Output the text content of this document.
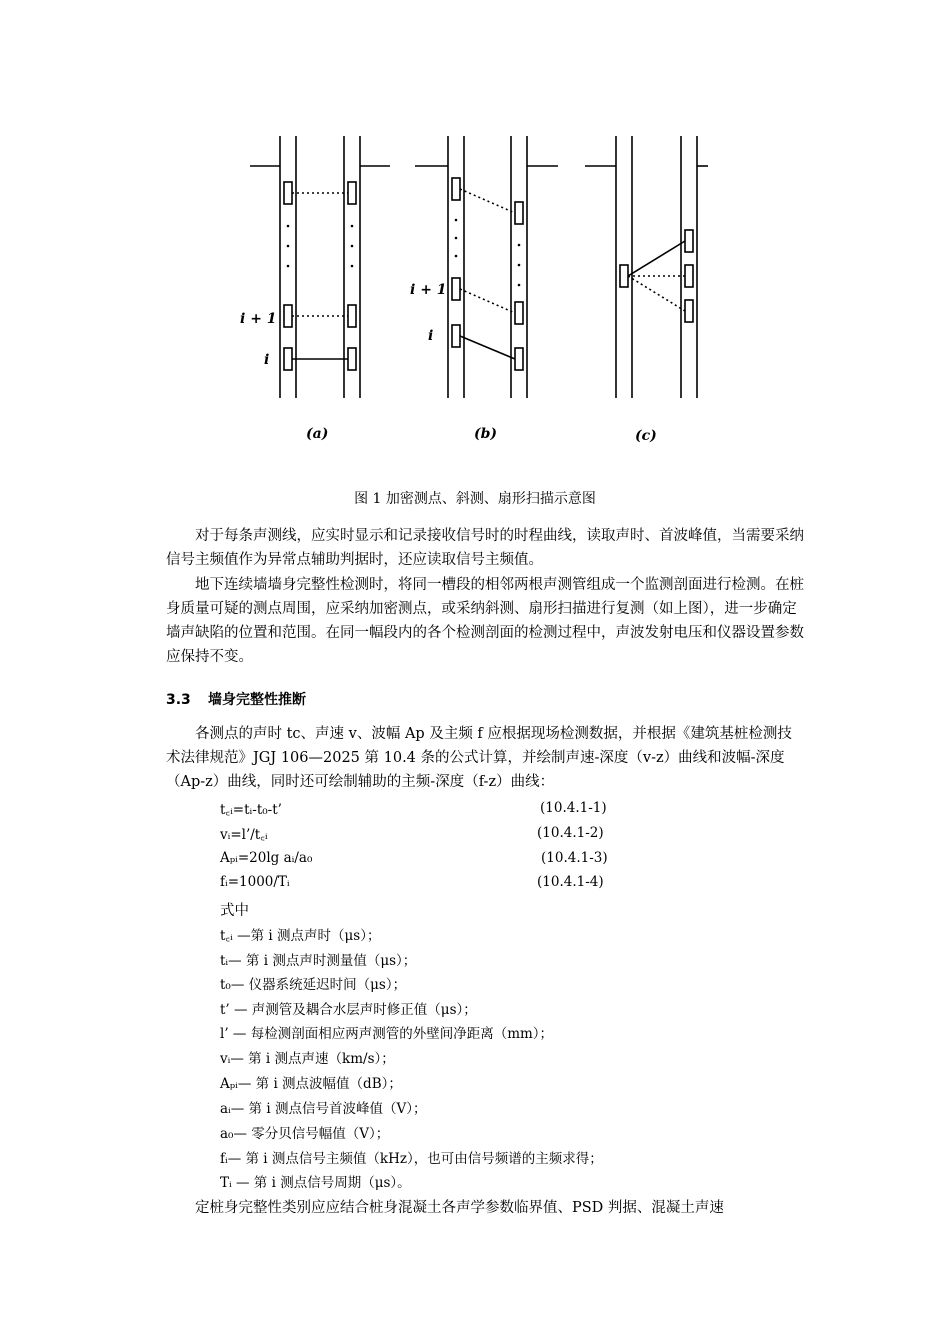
i + 1
i
i + 1
i
(a)	(b)	(c)
图 1 加密测点、斜测、扇形扫描示意图

对于每条声测线，应实时显示和记录接收信号时的时程曲线，读取声时、首波峰值，当需要采纳信号主频值作为异常点辅助判据时，还应读取信号主频值。

地下连续墙墙身完整性检测时，将同一槽段的相邻两根声测管组成一个监测剖面进行检测。在桩身质量可疑的测点周围，应采纳加密测点，或采纳斜测、扇形扫描进行复测（如上图），进一步确定墙声缺陷的位置和范围。在同一幅段内的各个检测剖面的检测过程中，声波发射电压和仪器设置参数应保持不变。

3.3 墙身完整性推断

各测点的声时 tc、声速 v、波幅 Ap 及主频 f 应根据现场检测数据，并根据《建筑基桩检测技术法律规范》JGJ 106—2025 第 10.4 条的公式计算，并绘制声速-深度（v-z）曲线和波幅-深度（Ap-z）曲线，同时还可绘制辅助的主频-深度（f-z）曲线：

t꜀ᵢ=tᵢ-t₀-t’	(10.4.1-1)
vᵢ=l’/t꜀ᵢ	(10.4.1-2)
Aₚᵢ=20lg aᵢ/a₀	(10.4.1-3)
fᵢ=1000/Tᵢ	(10.4.1-4)
式中
t꜀ᵢ —第 i 测点声时（μs）；
tᵢ— 第 i 测点声时测量值（μs）；
t₀— 仪器系统延迟时间（μs）；
t’ — 声测管及耦合水层声时修正值（μs）；
l’ — 每检测剖面相应两声测管的外壁间净距离（mm）；
vᵢ— 第 i 测点声速（km/s）；
Aₚᵢ— 第 i 测点波幅值（dB）；
aᵢ— 第 i 测点信号首波峰值（V）；
a₀— 零分贝信号幅值（V）；
fᵢ— 第 i 测点信号主频值（kHz），也可由信号频谱的主频求得；
Tᵢ — 第 i 测点信号周期（μs）。

定桩身完整性类别应应结合桩身混凝土各声学参数临界值、PSD 判据、混凝土声速
